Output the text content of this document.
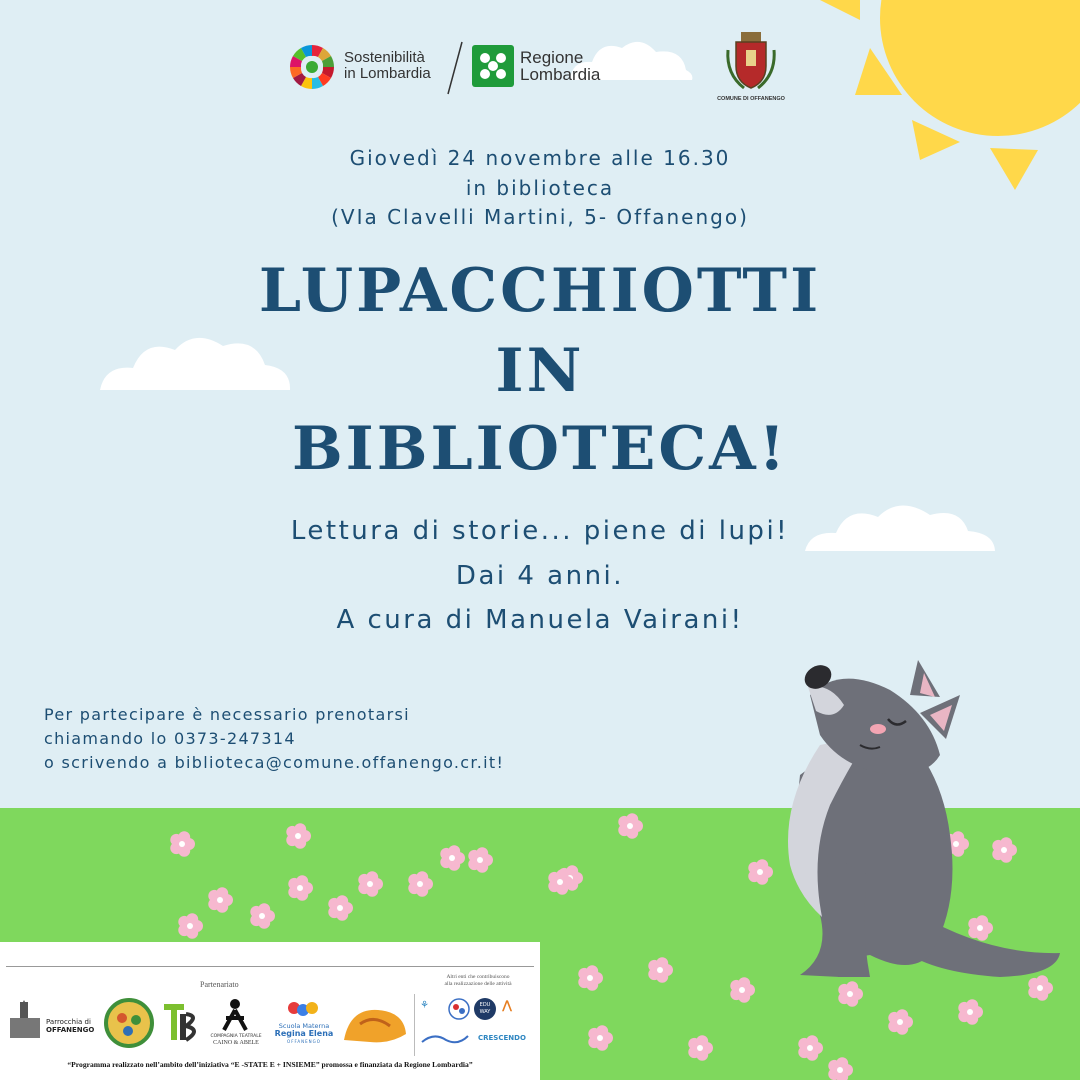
Sostenibilità
in Lombardia
Regione
Lombardia
COMUNE DI OFFANENGO
Giovedì 24 novembre alle 16.30
in biblioteca
(VIa Clavelli Martini, 5- Offanengo)
LUPACCHIOTTI
IN
BIBLIOTECA!
Lettura di storie... piene di lupi!
Dai 4 anni.
A cura di Manuela Vairani!
Per partecipare è necessario prenotarsi
chiamando lo 0373-247314
o scrivendo a biblioteca@comune.offanengo.cr.it!
Partenariato
Altri enti che contribuiscono
alla realizzazione delle attività
Parrocchia di
OFFANENGO
COMPAGNIA TEATRALE
CAINO & ABELE
Scuola Materna
Regina Elena
OFFANENGO
⚘	EDU WAY ⋀
CRESCENDO
“Programma realizzato nell’ambito dell’iniziativa “E -STATE E + INSIEME” promossa e finanziata da Regione Lombardia”
